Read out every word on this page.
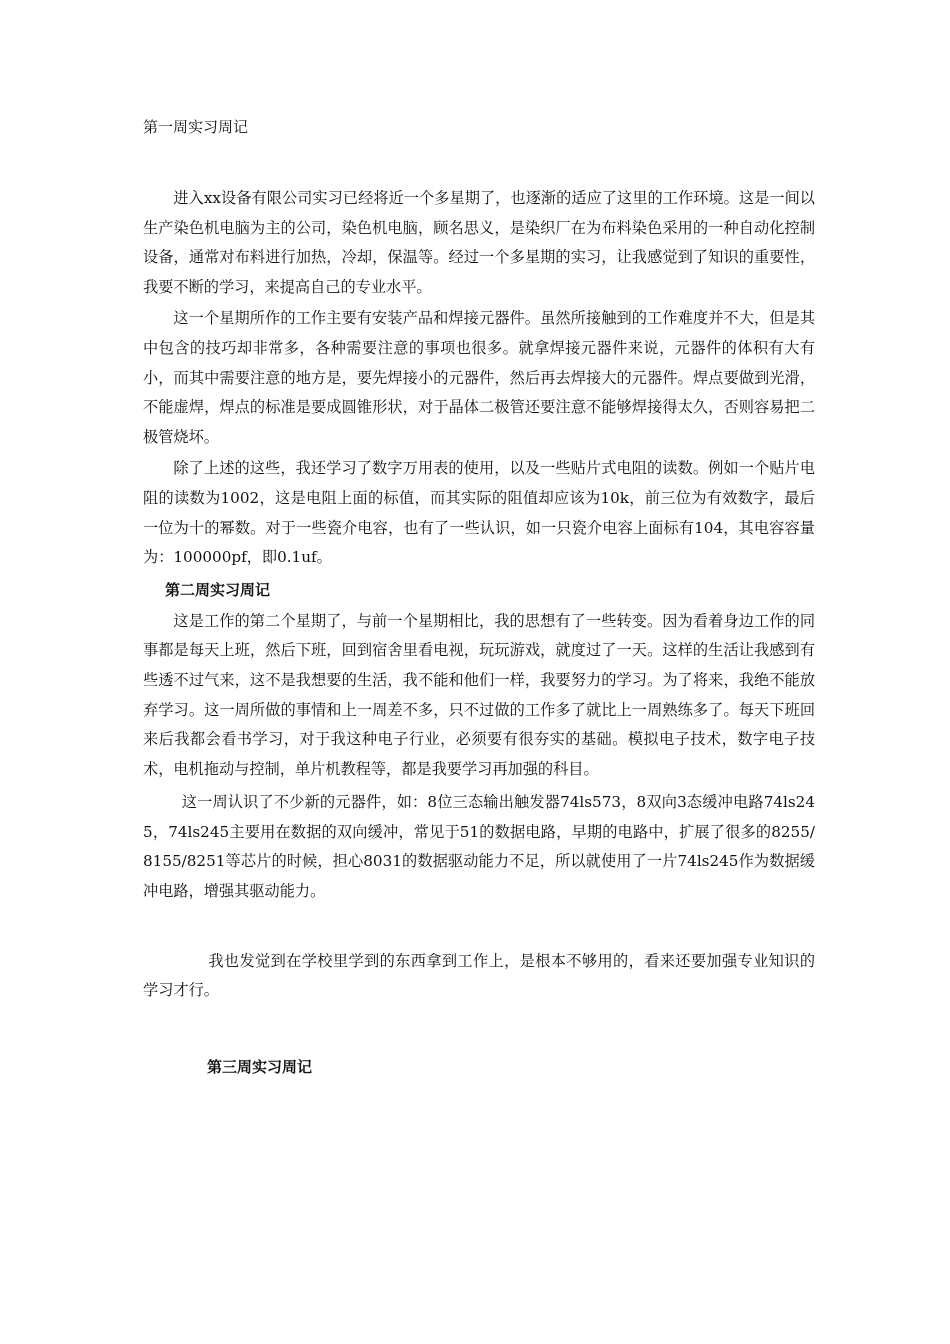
第一周实习周记

进入xx设备有限公司实习已经将近一个多星期了，也逐渐的适应了这里的工作环境。这是一间以生产染色机电脑为主的公司，染色机电脑，顾名思义，是染织厂在为布料染色采用的一种自动化控制设备，通常对布料进行加热，冷却，保温等。经过一个多星期的实习，让我感觉到了知识的重要性，我要不断的学习，来提高自己的专业水平。

这一个星期所作的工作主要有安装产品和焊接元器件。虽然所接触到的工作难度并不大，但是其中包含的技巧却非常多，各种需要注意的事项也很多。就拿焊接元器件来说，元器件的体积有大有小，而其中需要注意的地方是，要先焊接小的元器件，然后再去焊接大的元器件。焊点要做到光滑，不能虚焊，焊点的标准是要成圆锥形状，对于晶体二极管还要注意不能够焊接得太久，否则容易把二极管烧坏。

除了上述的这些，我还学习了数字万用表的使用，以及一些贴片式电阻的读数。例如一个贴片电阻的读数为1002，这是电阻上面的标值，而其实际的阻值却应该为10k，前三位为有效数字，最后一位为十的幂数。对于一些瓷介电容，也有了一些认识，如一只瓷介电容上面标有104，其电容容量为：100000pf，即0.1uf。

第二周实习周记

这是工作的第二个星期了，与前一个星期相比，我的思想有了一些转变。因为看着身边工作的同事都是每天上班，然后下班，回到宿舍里看电视，玩玩游戏，就度过了一天。这样的生活让我感到有些透不过气来，这不是我想要的生活，我不能和他们一样，我要努力的学习。为了将来，我绝不能放弃学习。这一周所做的事情和上一周差不多，只不过做的工作多了就比上一周熟练多了。每天下班回来后我都会看书学习，对于我这种电子行业，必须要有很夯实的基础。模拟电子技术，数字电子技术，电机拖动与控制，单片机教程等，都是我要学习再加强的科目。

这一周认识了不少新的元器件，如：8位三态输出触发器74ls573，8双向3态缓冲电路74ls245，74ls245主要用在数据的双向缓冲，常见于51的数据电路，早期的电路中，扩展了很多的8255/8155/8251等芯片的时候，担心8031的数据驱动能力不足，所以就使用了一片74ls245作为数据缓冲电路，增强其驱动能力。

我也发觉到在学校里学到的东西拿到工作上，是根本不够用的，看来还要加强专业知识的学习才行。

第三周实习周记
